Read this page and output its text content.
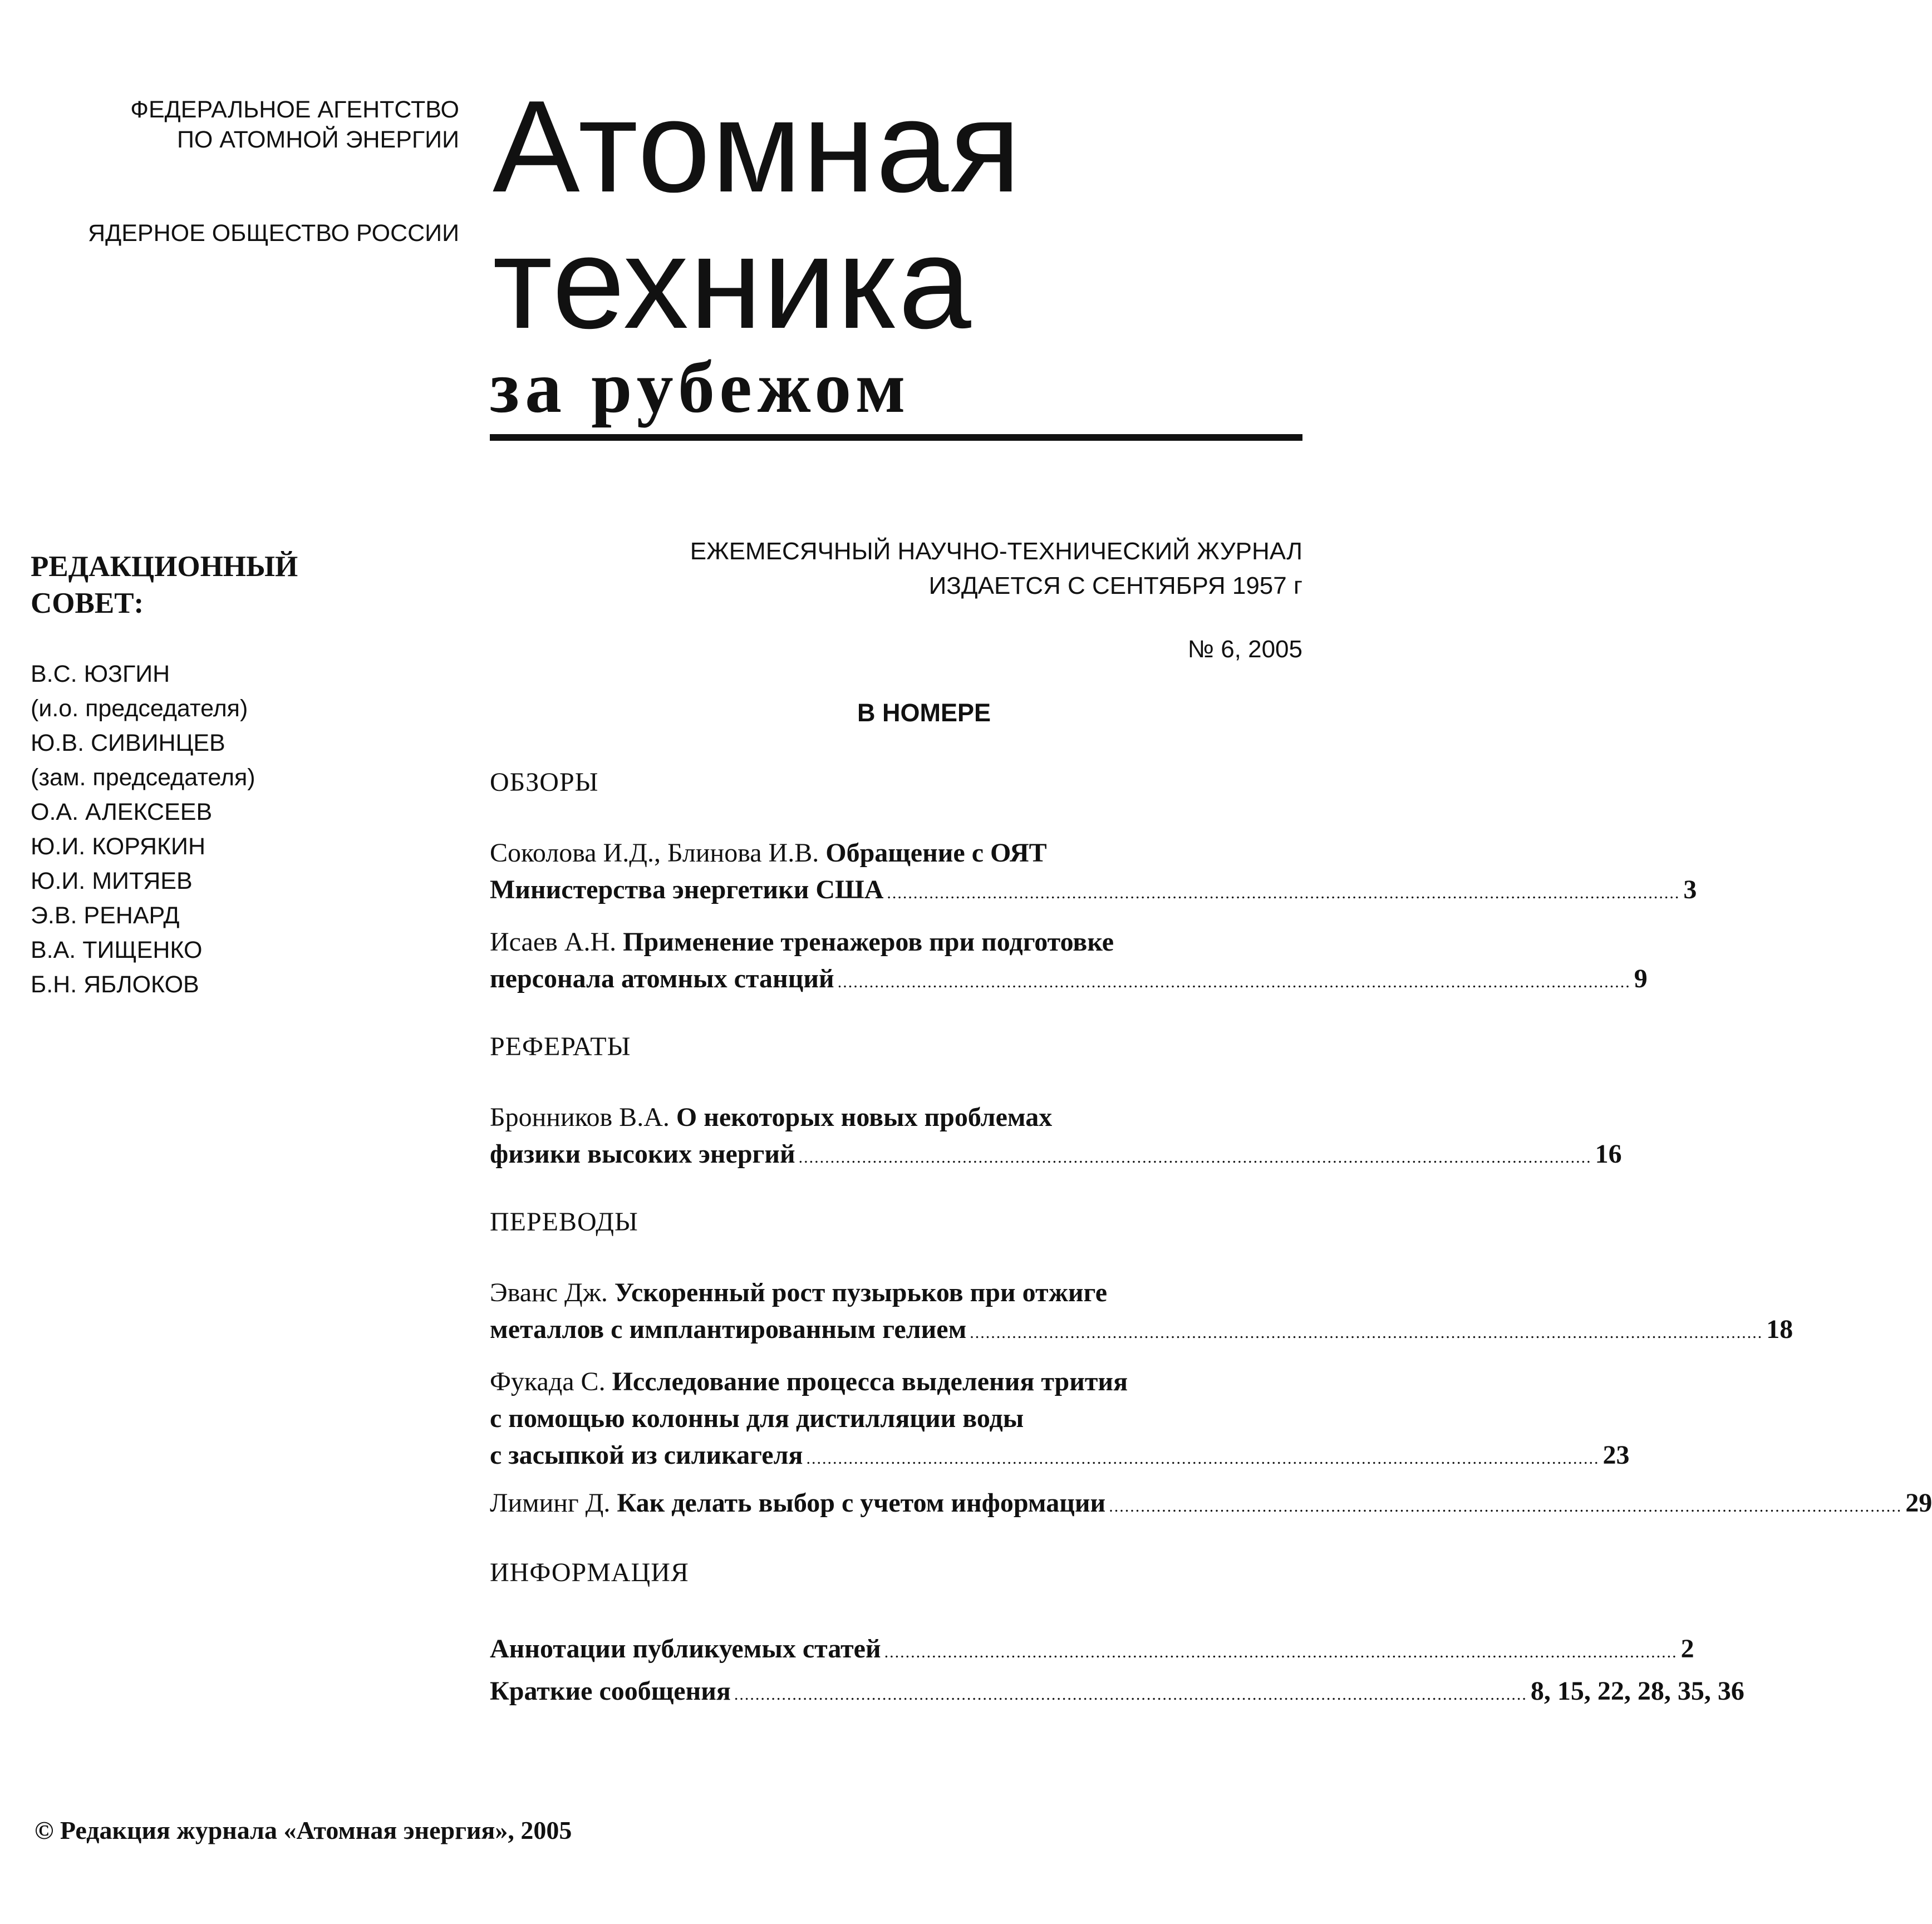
ФЕДЕРАЛЬНОЕ АГЕНТСТВО
ПО АТОМНОЙ ЭНЕРГИИ
ЯДЕРНОЕ ОБЩЕСТВО РОССИИ
Атомная
техника
за рубежом
РЕДАКЦИОННЫЙ
СОВЕТ:
В.С. ЮЗГИН
(и.о. председателя)
Ю.В. СИВИНЦЕВ
(зам. председателя)
О.А. АЛЕКСЕЕВ
Ю.И. КОРЯКИН
Ю.И. МИТЯЕВ
Э.В. РЕНАРД
В.А. ТИЩЕНКО
Б.Н. ЯБЛОКОВ
ЕЖЕМЕСЯЧНЫЙ НАУЧНО-ТЕХНИЧЕСКИЙ ЖУРНАЛ
ИЗДАЕТСЯ С СЕНТЯБРЯ 1957 г
№ 6, 2005
В НОМЕРЕ
ОБЗОРЫ
Соколова И.Д., Блинова И.В. Обращение с ОЯТ
Министерства энергетики США ...................................................................................................................................................... 3
Исаев А.Н. Применение тренажеров при подготовке
персонала атомных станций ...................................................................................................................................................... 9
РЕФЕРАТЫ
Бронников В.А. О некоторых новых проблемах
физики высоких энергий ...................................................................................................................................................... 16
ПЕРЕВОДЫ
Эванс Дж. Ускоренный рост пузырьков при отжиге
металлов с имплантированным гелием ...................................................................................................................................................... 18
Фукада С. Исследование процесса выделения трития
с помощью колонны для дистилляции воды
с засыпкой из силикагеля ...................................................................................................................................................... 23
Лиминг Д.
Как делать выбор с учетом информации ...................................................................................................................................................... 29
ИНФОРМАЦИЯ
Аннотации публикуемых статей ...................................................................................................................................................... 2
Краткие сообщения ...................................................................................................................................................... 8, 15, 22, 28, 35, 36
© Редакция журнала «Атомная энергия», 2005
